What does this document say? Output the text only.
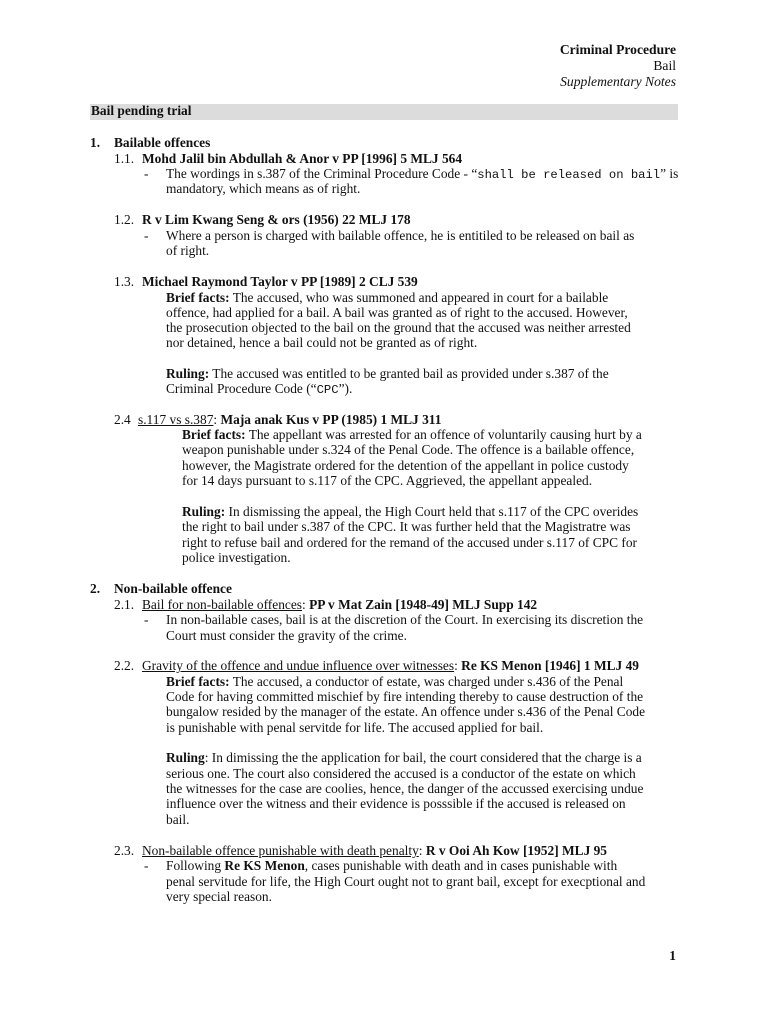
Criminal Procedure
Bail
Supplementary Notes
Bail pending trial
1. Bailable offences
1.1. Mohd Jalil bin Abdullah & Anor v PP [1996] 5 MLJ 564
- The wordings in s.387 of the Criminal Procedure Code - “shall be released on bail” is
mandatory, which means as of right.
1.2. R v Lim Kwang Seng & ors (1956) 22 MLJ 178
- Where a person is charged with bailable offence, he is entitiled to be released on bail as
of right.
1.3. Michael Raymond Taylor v PP [1989] 2 CLJ 539
Brief facts: The accused, who was summoned and appeared in court for a bailable
offence, had applied for a bail. A bail was granted as of right to the accused. However,
the prosecution objected to the bail on the ground that the accused was neither arrested
nor detained, hence a bail could not be granted as of right.
Ruling: The accused was entitled to be granted bail as provided under s.387 of the
Criminal Procedure Code (“CPC”).
2.4 s.117 vs s.387: Maja anak Kus v PP (1985) 1 MLJ 311
Brief facts: The appellant was arrested for an offence of voluntarily causing hurt by a
weapon punishable under s.324 of the Penal Code. The offence is a bailable offence,
however, the Magistrate ordered for the detention of the appellant in police custody
for 14 days pursuant to s.117 of the CPC. Aggrieved, the appellant appealed.
Ruling: In dismissing the appeal, the High Court held that s.117 of the CPC overides
the right to bail under s.387 of the CPC. It was further held that the Magistratre was
right to refuse bail and ordered for the remand of the accused under s.117 of CPC for
police investigation.
2. Non-bailable offence
2.1. Bail for non-bailable offences: PP v Mat Zain [1948-49] MLJ Supp 142
- In non-bailable cases, bail is at the discretion of the Court. In exercising its discretion the
Court must consider the gravity of the crime.
2.2. Gravity of the offence and undue influence over witnesses: Re KS Menon [1946] 1 MLJ 49
Brief facts: The accused, a conductor of estate, was charged under s.436 of the Penal
Code for having committed mischief by fire intending thereby to cause destruction of the
bungalow resided by the manager of the estate. An offence under s.436 of the Penal Code
is punishable with penal servitde for life. The accused applied for bail.
Ruling: In dimissing the the application for bail, the court considered that the charge is a
serious one. The court also considered the accused is a conductor of the estate on which
the witnesses for the case are coolies, hence, the danger of the accussed exercising undue
influence over the witness and their evidence is posssible if the accused is released on
bail.
2.3. Non-bailable offence punishable with death penalty: R v Ooi Ah Kow [1952] MLJ 95
- Following Re KS Menon, cases punishable with death and in cases punishable with
penal servitude for life, the High Court ought not to grant bail, except for execptional and
very special reason.
1
